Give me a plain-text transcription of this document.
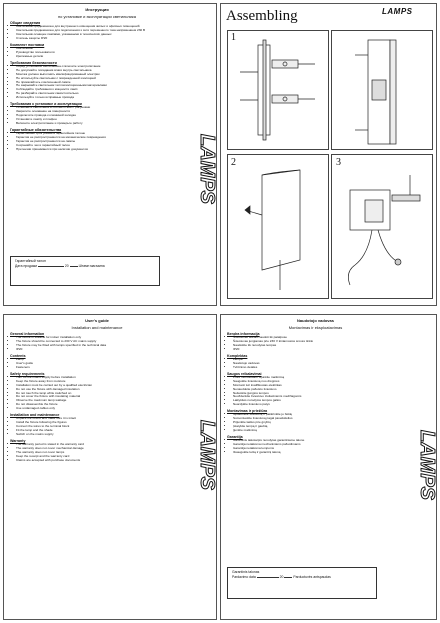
Инструкция
по установке и эксплуатации светильника
Общие сведения
• Светильник предназначен для внутреннего освещения жилых и офисных помещений
• Светильник предназначен для подключения к сети переменного тока напряжением 230 В
• Светильник оснащен лампами, указанными в технических данных
• Степень защиты IP20
Комплект поставки
• Светильник
• Руководство пользователя
• Крепежные детали
Требования безопасности
• Перед установкой светильника отключите электропитание
• Не допускайте попадания влаги внутрь светильника
• Монтаж должен выполнять квалифицированный электрик
• Не используйте светильник с поврежденной изоляцией
• Не прикасайтесь к включенной лампе
• Не закрывайте светильник теплоизоляционными материалами
• Соблюдайте требования к мощности ламп
• Не разбирайте светильник самостоятельно
• Используйте только исправные провода
Требования к установке и эксплуатации
• Установите светильник в соответствии с рисунками
• Закрепите основание на поверхности
• Подключите провода к клеммной колодке
• Установите лампу и плафон
• Включите электропитание и проверьте работу
Гарантийные обязательства
• Гарантийный срок указан в гарантийном талоне
• Гарантия не распространяется на механические повреждения
• Гарантия не распространяется на лампы
• Сохраняйте чек и гарантийный талон
• Претензии принимаются при наличии документов
Гарантийный талон
Дата продажи	20	Штамп магазина
LAMPS
Assembling	LAMPS
1
2	3
User's guide
Installation and maintenance
General information
• The fixture is suitable for indoor installation only
• The fixture should be connected to 230 V AC mains supply
• The fixture may be fitted with lamps specified in the technical data
• IP20
Contents
• Lamp
• User's guide
• Fasteners
Safety requirements
• Turn off the mains supply before installation
• Keep the fixture away from moisture
• Installation must be carried out by a qualified electrician
• Do not use the fixture with damaged insulation
• Do not touch the lamp while switched on
• Do not cover the fixture with insulating material
• Observe the maximum lamp wattage
• Do not disassemble the fixture
• Use undamaged cables only
Installation and maintenance
• Unpack the fixture and make sure it is intact
• Install the fixture following the figures
• Connect the wires to the terminal block
• Fit the lamp and the shade
• Switch on the mains supply
Warranty
• The warranty period is stated in the warranty card
• The warranty does not cover mechanical damage
• The warranty does not cover lamps
• Keep the receipt and the warranty card
• Claims are accepted with purchase documents	LAMPS
Naudotojo vadovas
Montavimas ir eksploatavimas
Bendra informacija
• Šviestuvas skirtas naudoti tik patalpose
• Šviestuvas jungiamas prie 230 V kintamosios srovės tinklo
• Naudokite tik nurodytas lempas
• IP20
Komplektas
• Lempa
• Naudotojo vadovas
• Tvirtinimo detalės
Saugos reikalavimai
• Prieš montuodami išjunkite maitinimą
• Saugokite šviestuvą nuo drėgmės
• Montuoti turi kvalifikuotas elektrikas
• Nenaudokite pažeisto šviestuvo
• Nelieskite įjungtos lempos
• Neuždenkite šviestuvo izoliacinėmis medžiagomis
• Laikykitės nurodytos lempos galios
• Neardykite šviestuvo patys
Montavimas ir priežiūra
• Išpakuokite šviestuvą ir patikrinkite jo būklę
• Sumontuokite šviestuvą pagal paveikslėlius
• Prijunkite laidus prie gnybtų
• Įstatykite lempą ir gaubtą
• Įjunkite maitinimą
Garantija
• Garantinis laikotarpis nurodytas garantiniame talone
• Garantija netaikoma mechaniniams pažeidimams
• Garantija netaikoma lempoms
• Išsaugokite kvitą ir garantinį taloną
Garantinis talonas
Pardavimo data	20	Parduotuvės antspaudas
LAMPS
